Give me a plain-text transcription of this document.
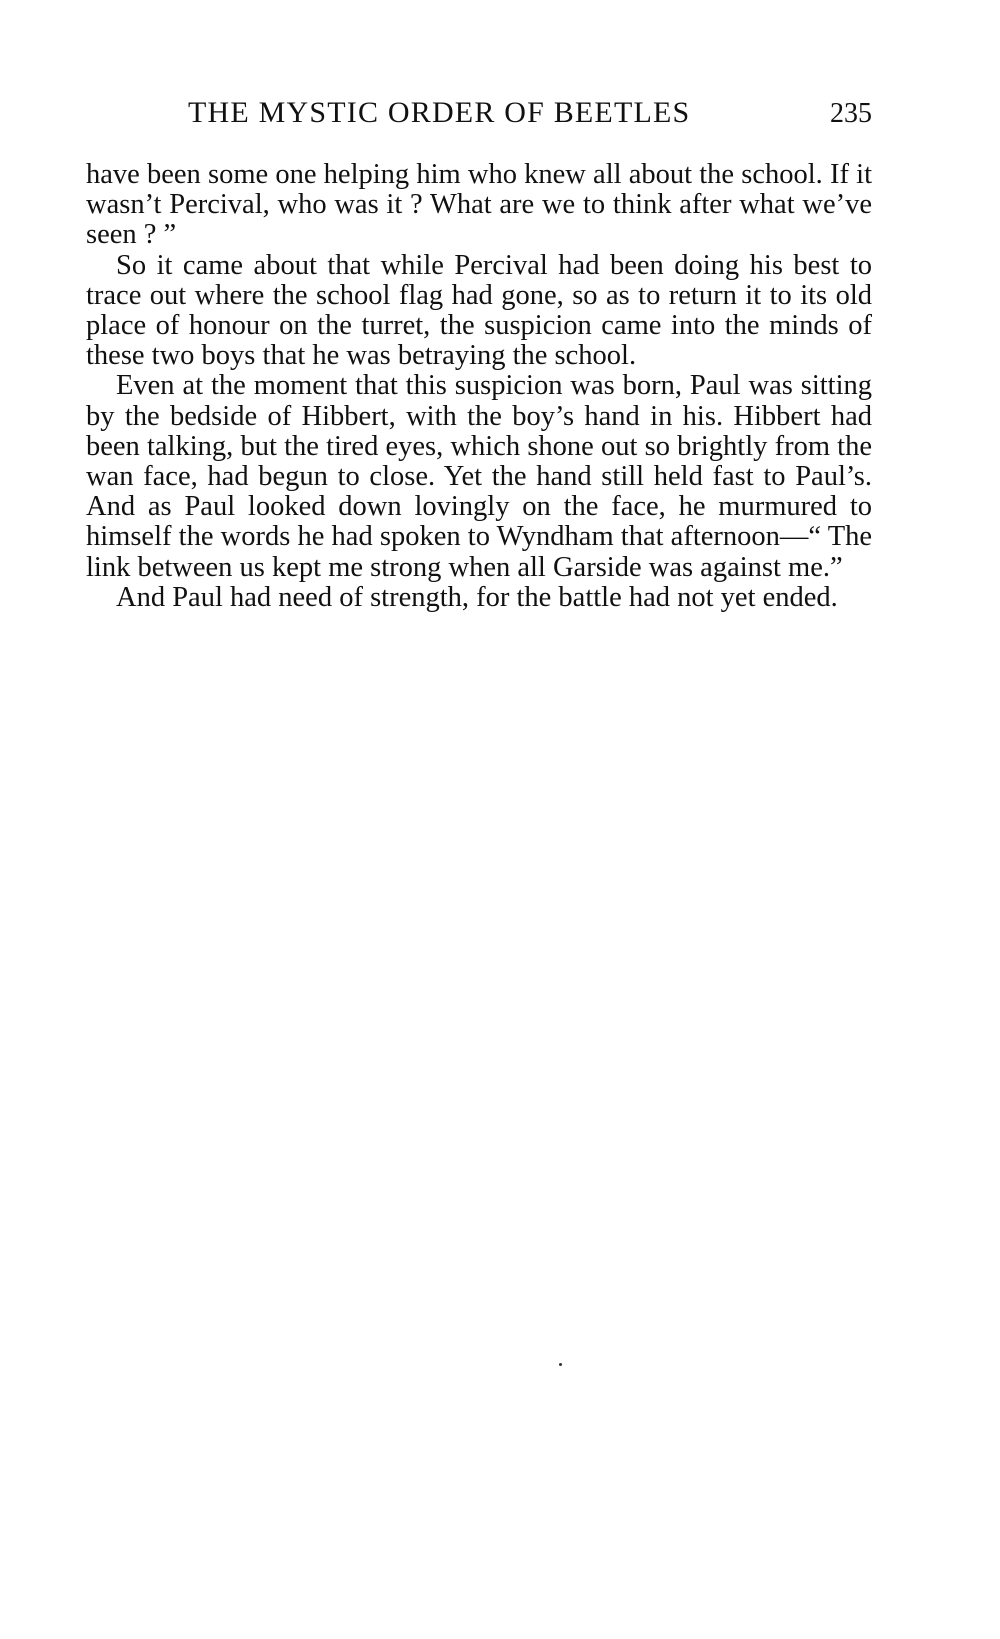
THE MYSTIC ORDER OF BEETLES	235

have been some one helping him who knew all about the school. If it wasn’t Percival, who was it ? What are we to think after what we’ve seen ? ”

So it came about that while Percival had been doing his best to trace out where the school flag had gone, so as to return it to its old place of honour on the turret, the suspicion came into the minds of these two boys that he was betraying the school.

Even at the moment that this suspicion was born, Paul was sitting by the bedside of Hibbert, with the boy’s hand in his. Hibbert had been talking, but the tired eyes, which shone out so brightly from the wan face, had begun to close. Yet the hand still held fast to Paul’s. And as Paul looked down lovingly on the face, he murmured to himself the words he had spoken to Wyndham that afternoon—“ The link between us kept me strong when all Garside was against me.”

And Paul had need of strength, for the battle had not yet ended.
